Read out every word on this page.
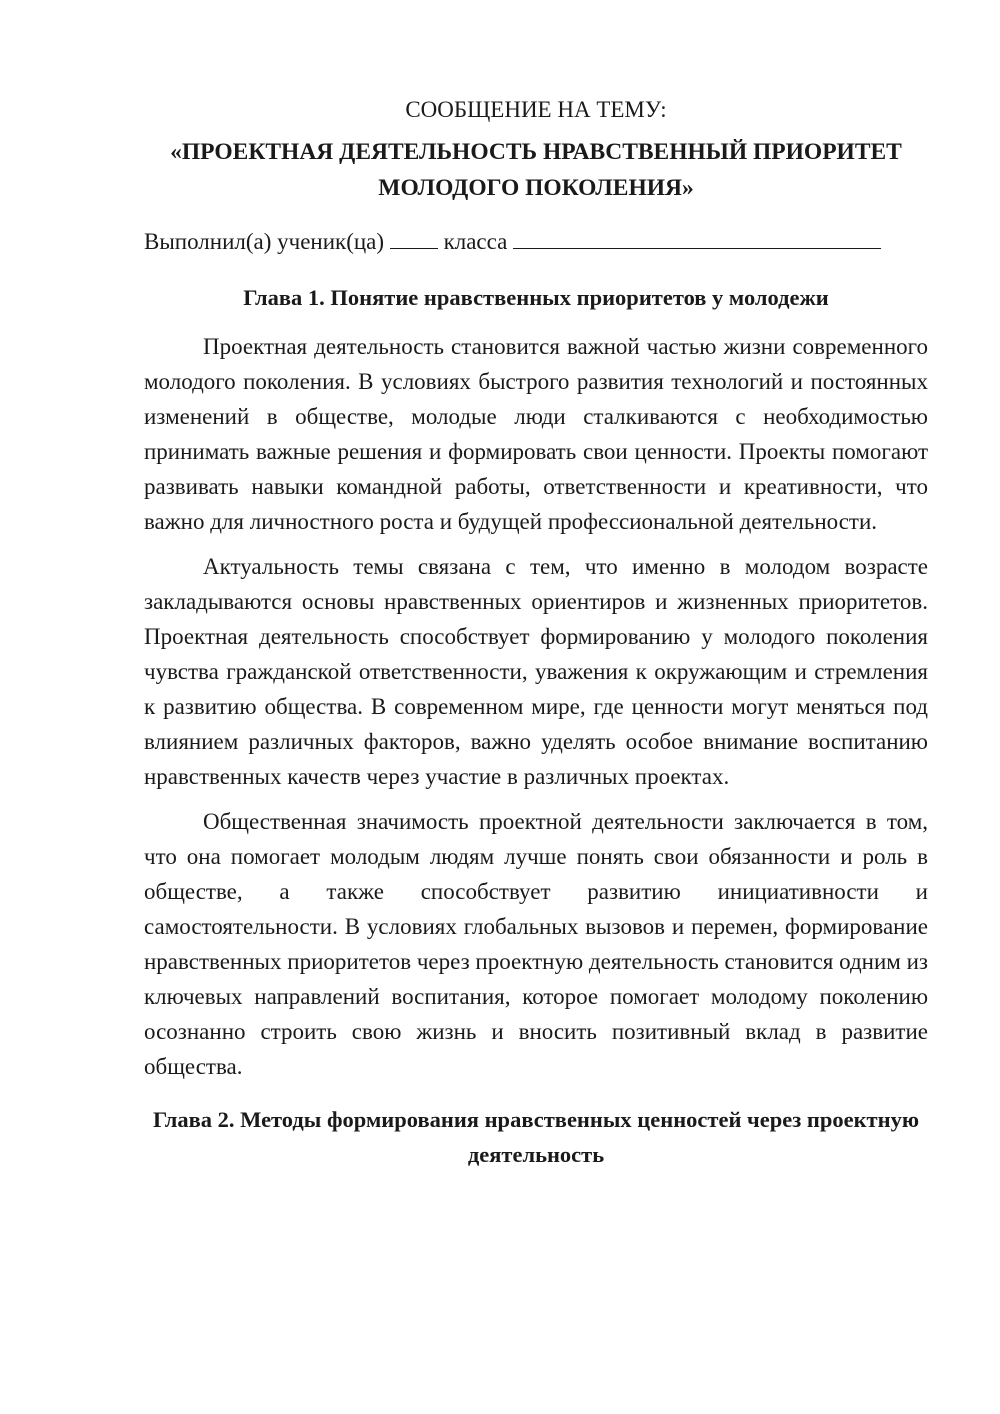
СООБЩЕНИЕ НА ТЕМУ:

«ПРОЕКТНАЯ ДЕЯТЕЛЬНОСТЬ НРАВСТВЕННЫЙ ПРИОРИТЕТ МОЛОДОГО ПОКОЛЕНИЯ»

Выполнил(а) ученик(ца)	класса

Глава 1. Понятие нравственных приоритетов у молодежи

Проектная деятельность становится важной частью жизни современного молодого поколения. В условиях быстрого развития технологий и постоянных изменений в обществе, молодые люди сталкиваются с необходимостью принимать важные решения и формировать свои ценности. Проекты помогают развивать навыки командной работы, ответственности и креативности, что важно для личностного роста и будущей профессиональной деятельности.

Актуальность темы связана с тем, что именно в молодом возрасте закладываются основы нравственных ориентиров и жизненных приоритетов. Проектная деятельность способствует формированию у молодого поколения чувства гражданской ответственности, уважения к окружающим и стремления к развитию общества. В современном мире, где ценности могут меняться под влиянием различных факторов, важно уделять особое внимание воспитанию нравственных качеств через участие в различных проектах.

Общественная значимость проектной деятельности заключается в том, что она помогает молодым людям лучше понять свои обязанности и роль в обществе, а также способствует развитию инициативности и самостоятельности. В условиях глобальных вызовов и перемен, формирование нравственных приоритетов через проектную деятельность становится одним из ключевых направлений воспитания, которое помогает молодому поколению осознанно строить свою жизнь и вносить позитивный вклад в развитие общества.

Глава 2. Методы формирования нравственных ценностей через проектную деятельность
